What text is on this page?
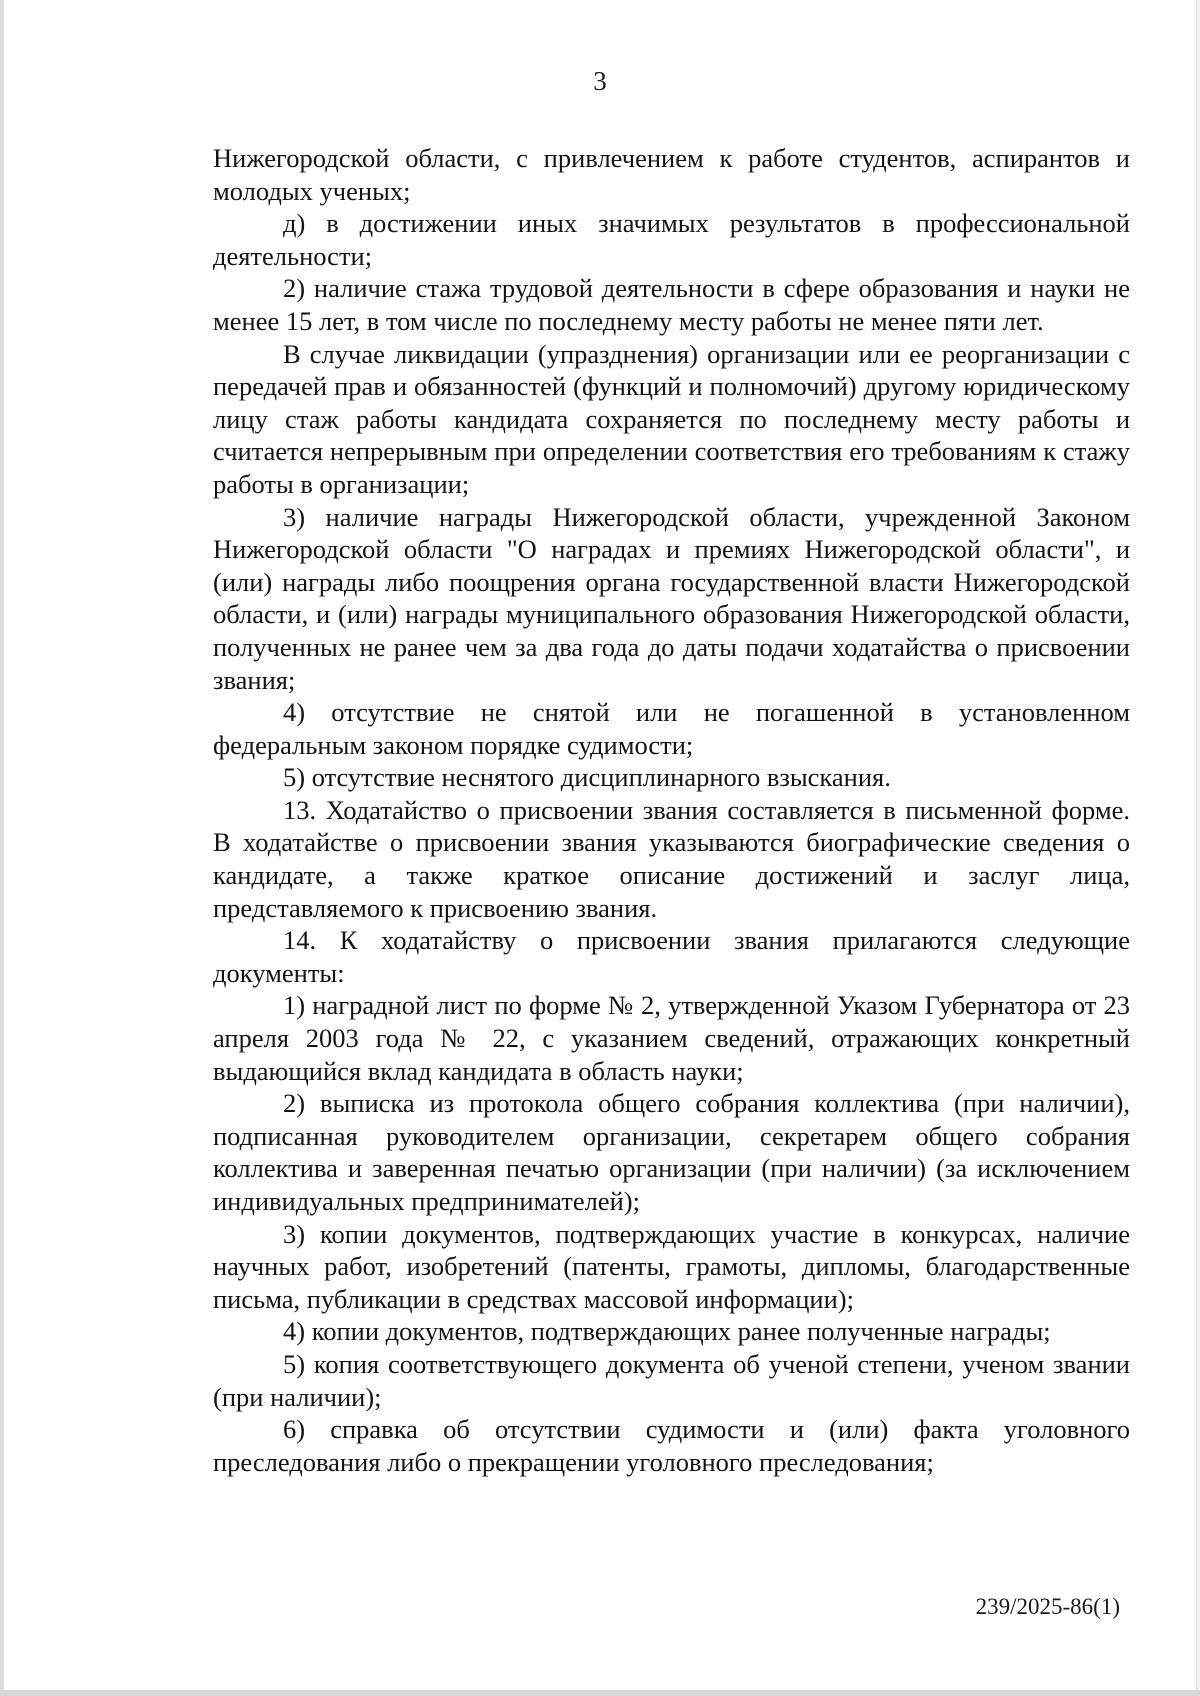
3

Нижегородской области, с привлечением к работе студентов, аспирантов и молодых ученых;

д) в достижении иных значимых результатов в профессиональной деятельности;

2) наличие стажа трудовой деятельности в сфере образования и науки не менее 15 лет, в том числе по последнему месту работы не менее пяти лет.

В случае ликвидации (упразднения) организации или ее реорганизации с передачей прав и обязанностей (функций и полномочий) другому юридическому лицу стаж работы кандидата сохраняется по последнему месту работы и считается непрерывным при определении соответствия его требованиям к стажу работы в организации;

3) наличие награды Нижегородской области, учрежденной Законом Нижегородской области "О наградах и премиях Нижегородской области", и (или) награды либо поощрения органа государственной власти Нижегородской области, и (или) награды муниципального образования Нижегородской области, полученных не ранее чем за два года до даты подачи ходатайства о присвоении звания;

4) отсутствие не снятой или не погашенной в установленном федеральным законом порядке судимости;

5) отсутствие неснятого дисциплинарного взыскания.

13. Ходатайство о присвоении звания составляется в письменной форме. В ходатайстве о присвоении звания указываются биографические сведения о кандидате, а также краткое описание достижений и заслуг лица, представляемого к присвоению звания.

14. К ходатайству о присвоении звания прилагаются следующие документы:

1) наградной лист по форме № 2, утвержденной Указом Губернатора от 23 апреля 2003 года № 22, с указанием сведений, отражающих конкретный выдающийся вклад кандидата в область науки;

2) выписка из протокола общего собрания коллектива (при наличии), подписанная руководителем организации, секретарем общего собрания коллектива и заверенная печатью организации (при наличии) (за исключением индивидуальных предпринимателей);

3) копии документов, подтверждающих участие в конкурсах, наличие научных работ, изобретений (патенты, грамоты, дипломы, благодарственные письма, публикации в средствах массовой информации);

4) копии документов, подтверждающих ранее полученные награды;

5) копия соответствующего документа об ученой степени, ученом звании (при наличии);

6) справка об отсутствии судимости и (или) факта уголовного преследования либо о прекращении уголовного преследования;

239/2025-86(1)
